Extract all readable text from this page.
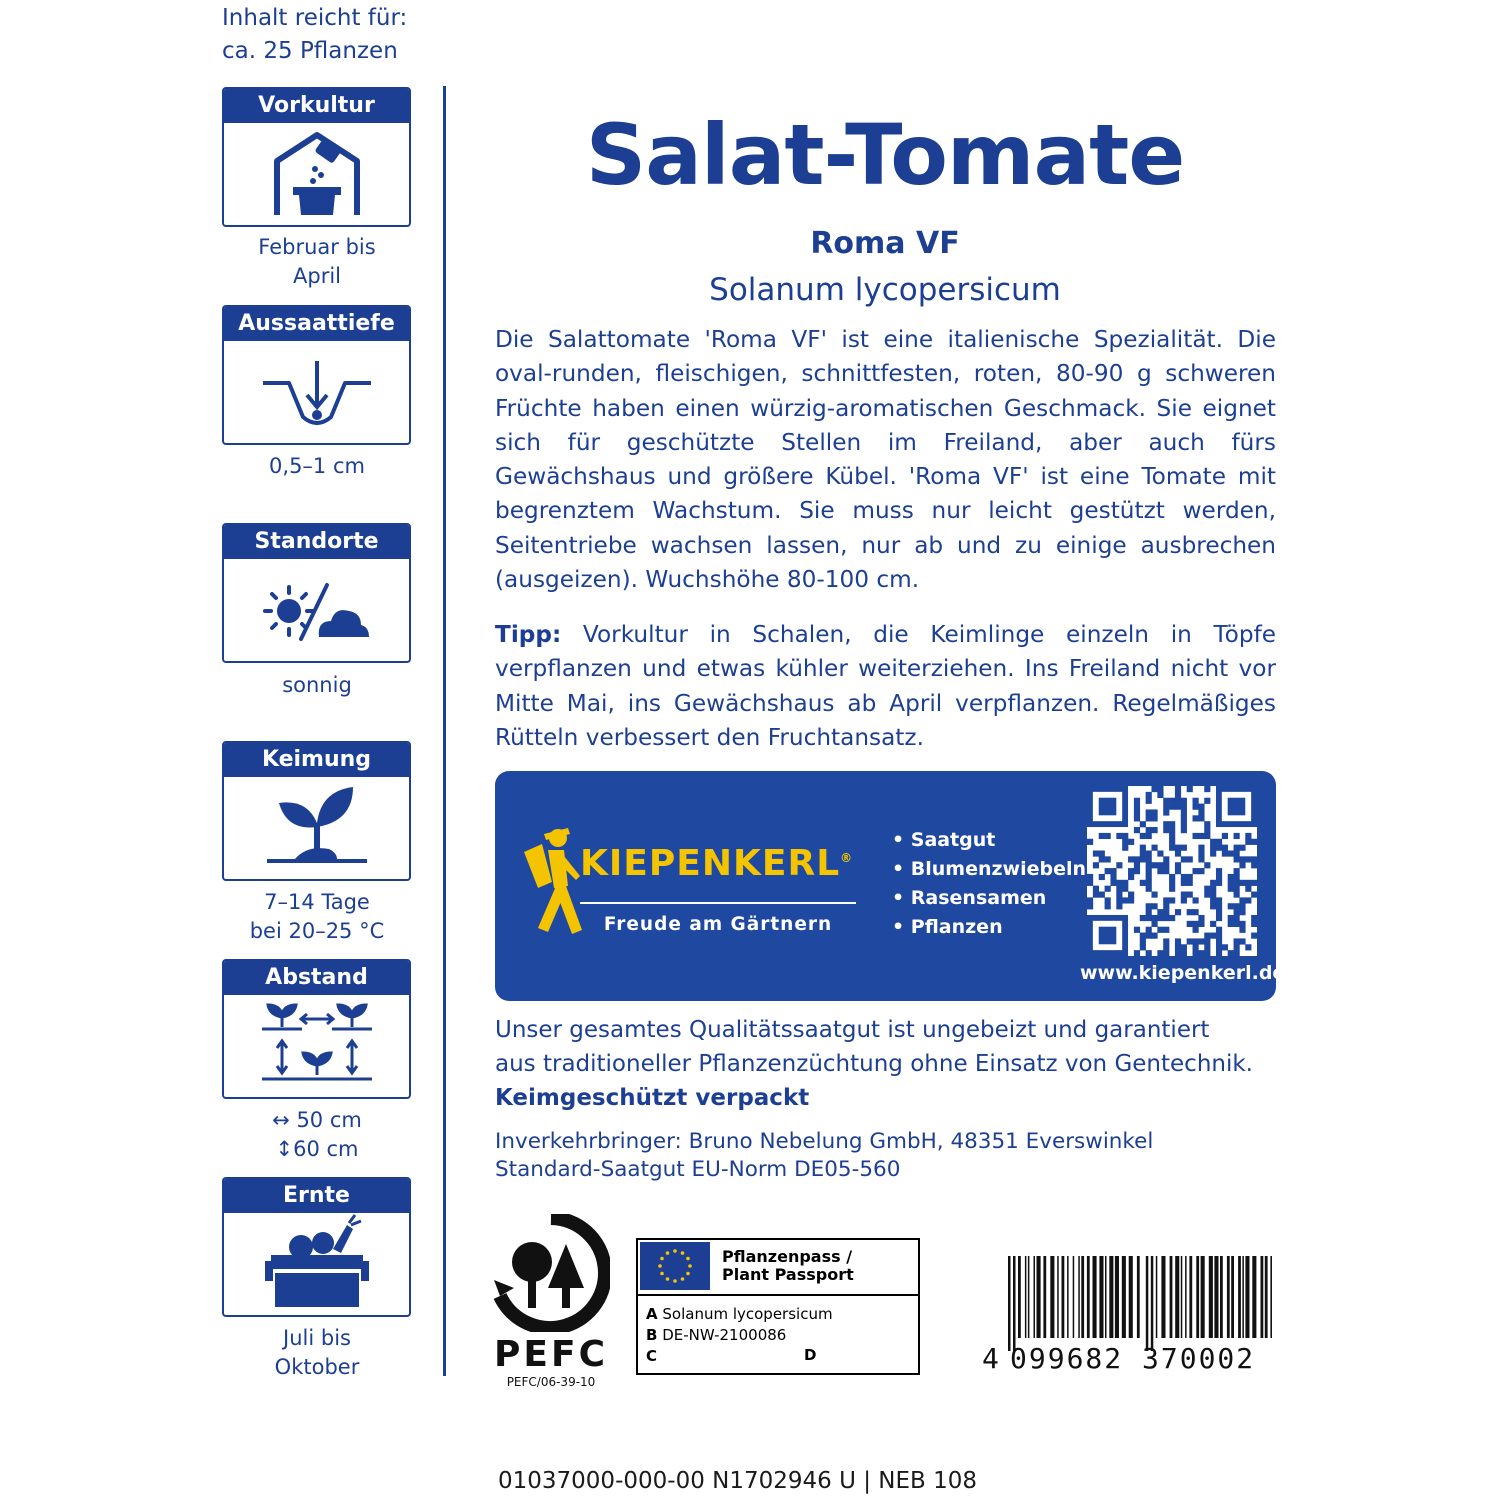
Inhalt reicht für:
ca. 25 Pflanzen
Vorkultur
Februar bis
April
Aussaattiefe
0,5–1 cm
Standorte
sonnig
Keimung
7–14 Tage
bei 20–25 °C
Abstand
↔ 50 cm
↕60 cm
Ernte
Juli bis
Oktober
Salat-Tomate
Roma VF
Solanum lycopersicum
Die Salattomate 'Roma VF' ist eine italienische Spezialität. Die oval-runden, fleischigen, schnittfesten, roten, 80-90 g schweren Früchte haben einen würzig-aromatischen Geschmack. Sie eignet sich für geschützte Stellen im Freiland, aber auch fürs Gewächshaus und größere Kübel. 'Roma VF' ist eine Tomate mit begrenztem Wachstum. Sie muss nur leicht gestützt werden, Seitentriebe wachsen lassen, nur ab und zu einige ausbrechen (ausgeizen). Wuchshöhe 80-100 cm.
Tipp: Vorkultur in Schalen, die Keimlinge einzeln in Töpfe verpflanzen und etwas kühler weiterziehen. Ins Freiland nicht vor Mitte Mai, ins Gewächshaus ab April verpflanzen. Regelmäßiges Rütteln verbessert den Fruchtansatz.
KIEPENKERL®
Freude am Gärtnern
• Saatgut
• Blumenzwiebeln
• Rasensamen
• Pflanzen
www.kiepenkerl.de
Unser gesamtes Qualitätssaatgut ist ungebeizt und garantiert
aus traditioneller Pflanzenzüchtung ohne Einsatz von Gentechnik.
Keimgeschützt verpackt
Inverkehrbringer: Bruno Nebelung GmbH, 48351 Everswinkel
Standard-Saatgut EU-Norm DE05-560
PEFC
PEFC/06-39-10
Pflanzenpass /
Plant Passport
A Solanum lycopersicum
B DE-NW-2100086
C	D	4 099682 370002
01037000-000-00 N1702946 U | NEB 108
